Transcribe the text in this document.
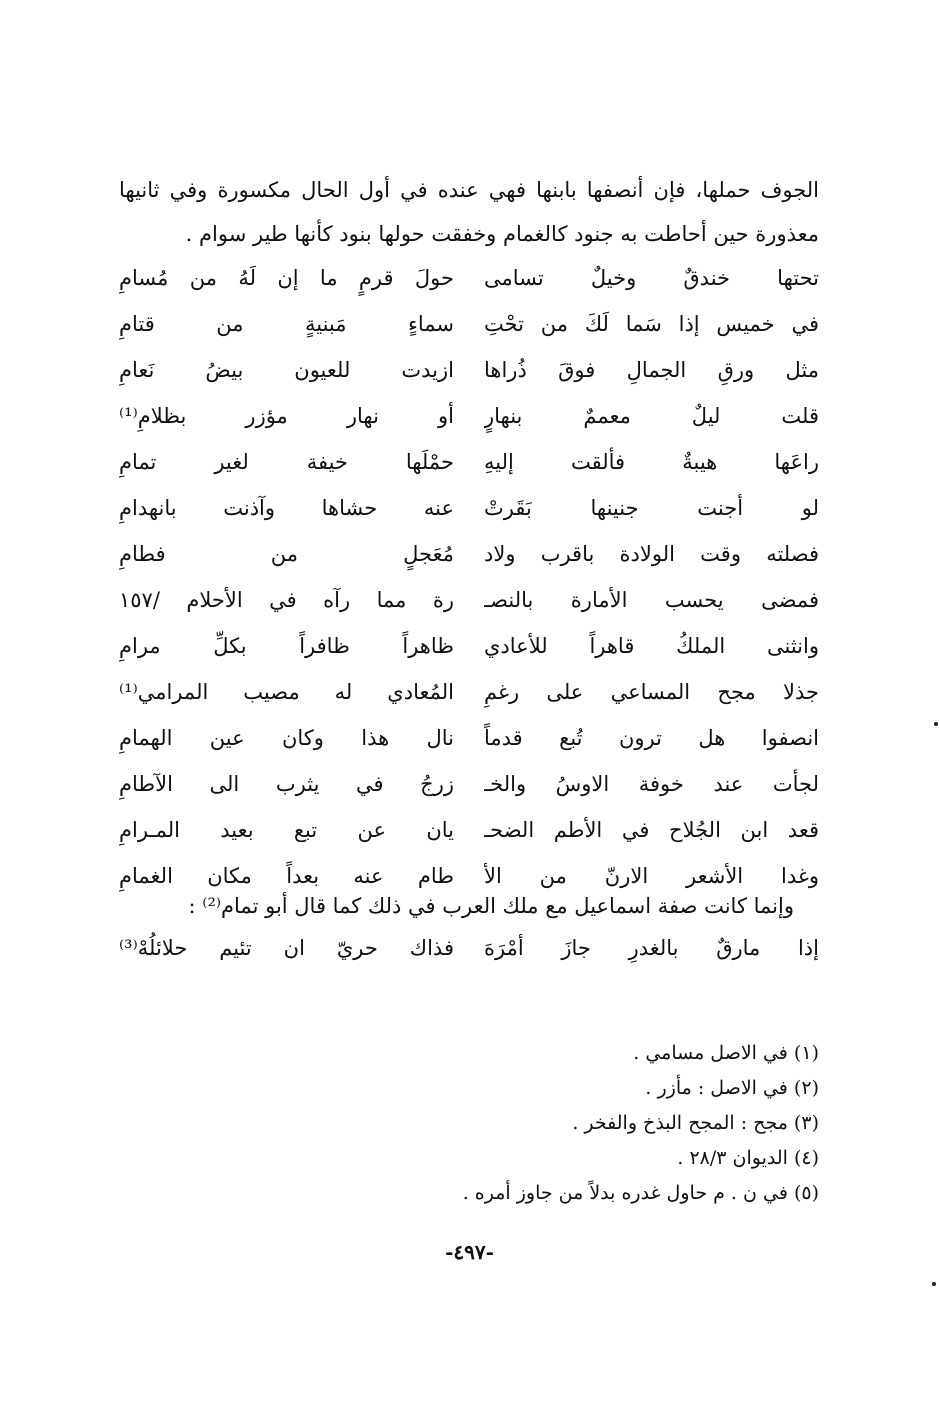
الجوف حملها، فإن أنصفها بابنها فهي عنده في أول الحال مكسورة وفي ثانيها معذورة حين أحاطت به جنود كالغمام وخفقت حولها بنود كأنها طير سوام .
تحتها خندقٌ وخيلٌ تسامى
حولَ قرمٍ ما إن لَهُ من مُسامِ
في خميس إذا سَما لَكَ من تحْتِ
سماءٍ مَبنيةٍ من قتامِ
مثل ورقِ الجمالِ فوقَ ذُراها
ازيدت للعيون بيضُ نَعامِ
قلت ليلٌ معممٌ بنهارٍ
أو نهار مؤزر بظلامِ⁽¹⁾
راعَها هيبةٌ فألقت إليهِ
حمْلَها خيفة لغير تمامِ
لو أجنت جنينها بَقَرتْ
عنه حشاها وآذنت بانهدامِ
فصلته وقت الولادة باقرب ولاد
مُعَجلٍ من فطامِ
فمضى يحسب الأمارة بالنصـ
رة مما رآه في الأحلام /١٥٧
وانثنى الملكُ قاهراً للأعادي
ظاهراً ظافراً بكلِّ مرامِ
جذلا مجح المساعي على رغمِ
المُعادي له مصيب المرامي⁽¹⁾
انصفوا هل ترون تُبع قدماً
نال هذا وكان عين الهمامِ
لجأت عند خوفة الاوسُ والخـ
زرجُ في يثرب الى الآطامِ
قعد ابن الجُلاح في الأطم الضحـ
يان عن تبع بعيد المـرامِ
وغدا الأشعر الارنّ من الأ
طام عنه بعداً مكان الغمامِ
وإنما كانت صفة اسماعيل مع ملك العرب في ذلك كما قال أبو تمام⁽²⁾ :
إذا مارقٌ بالغدرِ جازَ أمْرَهَ
فذاك حريّ ان تئيم حلائلُهْ⁽³⁾
(١) في الاصل مسامي .
(٢) في الاصل : مأزر .
(٣) مجح : المجح البذخ والفخر .
(٤) الديوان ٢٨/٣ .
(٥) في ن . م حاول غدره بدلاً من جاوز أمره .
-٤٩٧-
